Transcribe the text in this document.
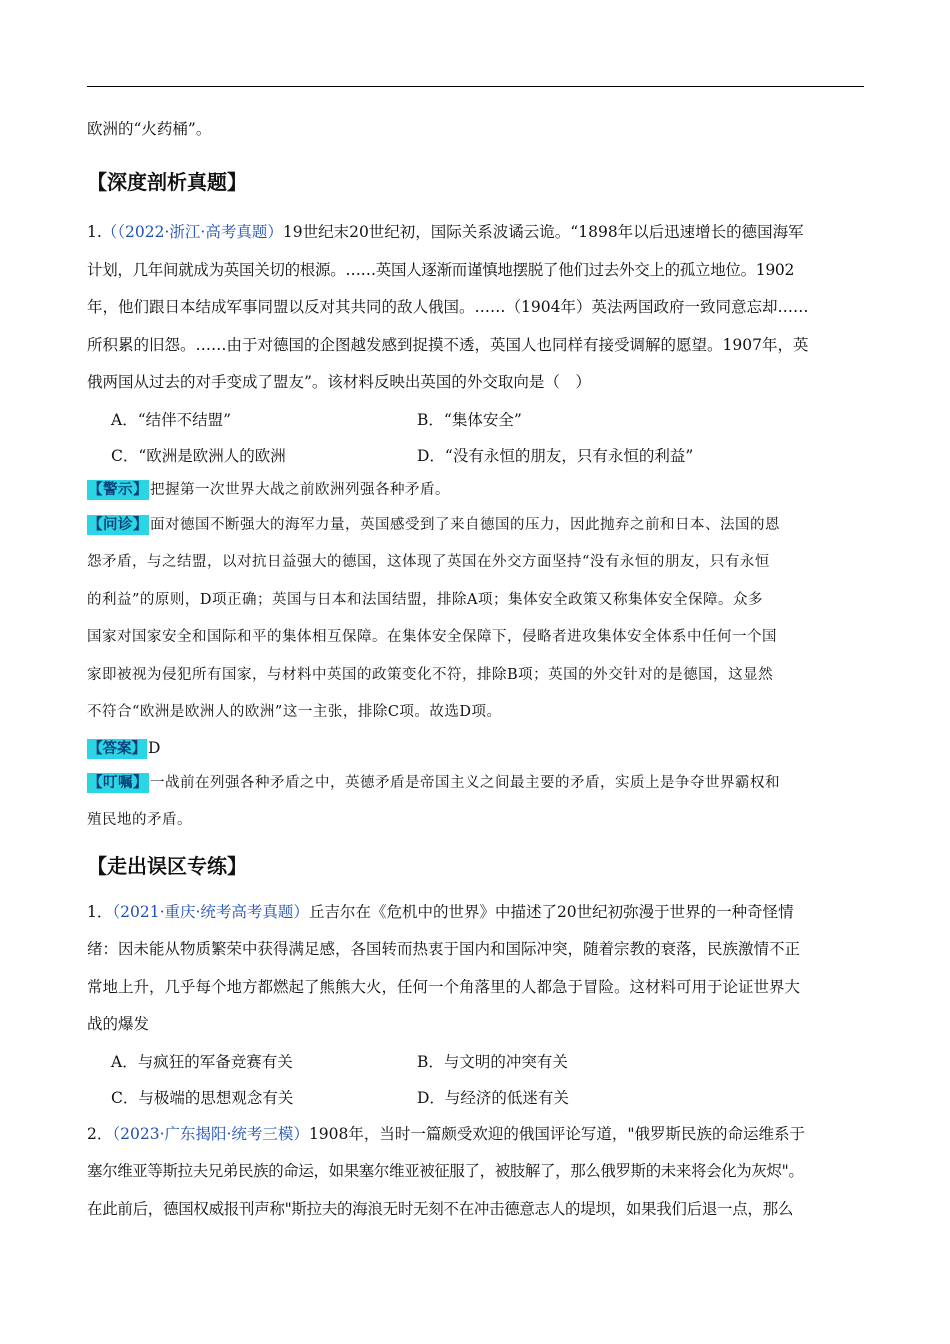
欧洲的“火药桶”。

【深度剖析真题】

1.（（2022·浙江·高考真题）19世纪末20世纪初，国际关系波谲云诡。“1898年以后迅速增长的德国海军

计划，几年间就成为英国关切的根源。……英国人逐渐而谨慎地摆脱了他们过去外交上的孤立地位。1902

年，他们跟日本结成军事同盟以反对其共同的敌人俄国。……（1904年）英法两国政府一致同意忘却……

所积累的旧怨。……由于对德国的企图越发感到捉摸不透，英国人也同样有接受调解的愿望。1907年，英

俄两国从过去的对手变成了盟友”。该材料反映出英国的外交取向是（　）

A．“结伴不结盟”	B．“集体安全”
C．“欧洲是欧洲人的欧洲	D．“没有永恒的朋友，只有永恒的利益”

【警示】 把握第一次世界大战之前欧洲列强各种矛盾。

【问诊】 面对德国不断强大的海军力量，英国感受到了来自德国的压力，因此抛弃之前和日本、法国的恩

怨矛盾，与之结盟，以对抗日益强大的德国，这体现了英国在外交方面坚持“没有永恒的朋友，只有永恒

的利益”的原则，D项正确；英国与日本和法国结盟，排除A项；集体安全政策又称集体安全保障。众多

国家对国家安全和国际和平的集体相互保障。在集体安全保障下，侵略者进攻集体安全体系中任何一个国

家即被视为侵犯所有国家，与材料中英国的政策变化不符，排除B项；英国的外交针对的是德国，这显然

不符合“欧洲是欧洲人的欧洲”这一主张，排除C项。故选D项。

【答案】 D

【叮嘱】 一战前在列强各种矛盾之中，英德矛盾是帝国主义之间最主要的矛盾，实质上是争夺世界霸权和

殖民地的矛盾。

【走出误区专练】

1．（2021·重庆·统考高考真题）丘吉尔在《危机中的世界》中描述了20世纪初弥漫于世界的一种奇怪情

绪：因未能从物质繁荣中获得满足感，各国转而热衷于国内和国际冲突，随着宗教的衰落，民族激情不正

常地上升，几乎每个地方都燃起了熊熊大火，任何一个角落里的人都急于冒险。这材料可用于论证世界大

战的爆发

A．与疯狂的军备竞赛有关	B．与文明的冲突有关
C．与极端的思想观念有关	D．与经济的低迷有关

2．（2023·广东揭阳·统考三模）1908年，当时一篇颇受欢迎的俄国评论写道，"俄罗斯民族的命运维系于

塞尔维亚等斯拉夫兄弟民族的命运，如果塞尔维亚被征服了，被肢解了，那么俄罗斯的未来将会化为灰烬"。

在此前后，德国权威报刊声称"斯拉夫的海浪无时无刻不在冲击德意志人的堤坝，如果我们后退一点，那么
